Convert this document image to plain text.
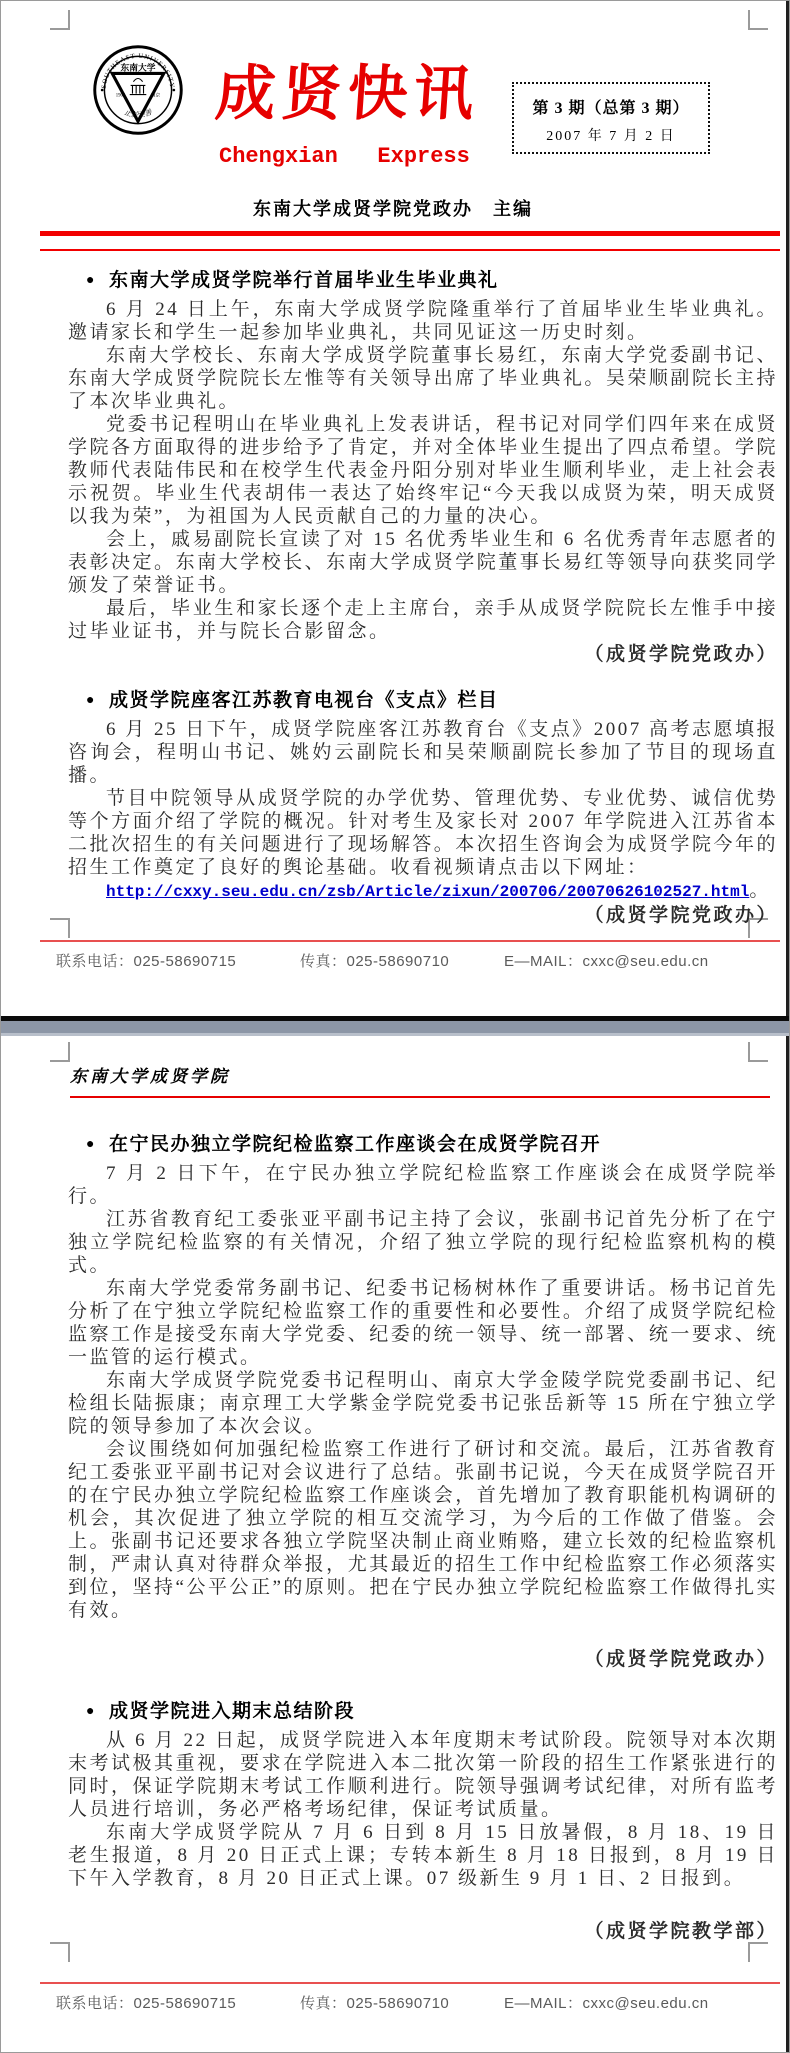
SOUTHEAST UNIVERSITY
东南大学
1902	南京
止於至善 成贤快讯
Chengxian   Express
第 3 期（总第 3 期）
2007 年 7 月 2 日
东南大学成贤学院党政办　主编
● 东南大学成贤学院举行首届毕业生毕业典礼

6 月 24 日上午，东南大学成贤学院隆重举行了首届毕业生毕业典礼。邀请家长和学生一起参加毕业典礼，共同见证这一历史时刻。

东南大学校长、东南大学成贤学院董事长易红，东南大学党委副书记、东南大学成贤学院院长左惟等有关领导出席了毕业典礼。吴荣顺副院长主持了本次毕业典礼。

党委书记程明山在毕业典礼上发表讲话，程书记对同学们四年来在成贤学院各方面取得的进步给予了肯定，并对全体毕业生提出了四点希望。学院教师代表陆伟民和在校学生代表金丹阳分别对毕业生顺利毕业，走上社会表示祝贺。毕业生代表胡伟一表达了始终牢记“今天我以成贤为荣，明天成贤以我为荣”，为祖国为人民贡献自己的力量的决心。

会上，戚易副院长宣读了对 15 名优秀毕业生和 6 名优秀青年志愿者的表彰决定。东南大学校长、东南大学成贤学院董事长易红等领导向获奖同学颁发了荣誉证书。

最后，毕业生和家长逐个走上主席台，亲手从成贤学院院长左惟手中接过毕业证书，并与院长合影留念。

（成贤学院党政办）

● 成贤学院座客江苏教育电视台《支点》栏目

6 月 25 日下午，成贤学院座客江苏教育台《支点》2007 高考志愿填报咨询会，程明山书记、姚妁云副院长和吴荣顺副院长参加了节目的现场直播。

节目中院领导从成贤学院的办学优势、管理优势、专业优势、诚信优势等个方面介绍了学院的概况。针对考生及家长对 2007 年学院进入江苏省本二批次招生的有关问题进行了现场解答。本次招生咨询会为成贤学院今年的招生工作奠定了良好的舆论基础。收看视频请点击以下网址：

http://cxxy.seu.edu.cn/zsb/Article/zixun/200706/20070626102527.html。

（成贤学院党政办）

联系电话：025-58690715	传真：025-58690710	E—MAIL：cxxc@seu.edu.cn
东南大学成贤学院
● 在宁民办独立学院纪检监察工作座谈会在成贤学院召开

7 月 2 日下午，在宁民办独立学院纪检监察工作座谈会在成贤学院举行。

江苏省教育纪工委张亚平副书记主持了会议，张副书记首先分析了在宁独立学院纪检监察的有关情况，介绍了独立学院的现行纪检监察机构的模式。

东南大学党委常务副书记、纪委书记杨树林作了重要讲话。杨书记首先分析了在宁独立学院纪检监察工作的重要性和必要性。介绍了成贤学院纪检监察工作是接受东南大学党委、纪委的统一领导、统一部署、统一要求、统一监管的运行模式。

东南大学成贤学院党委书记程明山、南京大学金陵学院党委副书记、纪检组长陆振康；南京理工大学紫金学院党委书记张岳新等 15 所在宁独立学院的领导参加了本次会议。

会议围绕如何加强纪检监察工作进行了研讨和交流。最后，江苏省教育纪工委张亚平副书记对会议进行了总结。张副书记说，今天在成贤学院召开的在宁民办独立学院纪检监察工作座谈会，首先增加了教育职能机构调研的机会，其次促进了独立学院的相互交流学习，为今后的工作做了借鉴。会上。张副书记还要求各独立学院坚决制止商业贿赂，建立长效的纪检监察机制，严肃认真对待群众举报，尤其最近的招生工作中纪检监察工作必须落实到位，坚持“公平公正”的原则。把在宁民办独立学院纪检监察工作做得扎实有效。

（成贤学院党政办）

● 成贤学院进入期末总结阶段

从 6 月 22 日起，成贤学院进入本年度期末考试阶段。院领导对本次期末考试极其重视，要求在学院进入本二批次第一阶段的招生工作紧张进行的同时，保证学院期末考试工作顺利进行。院领导强调考试纪律，对所有监考人员进行培训，务必严格考场纪律，保证考试质量。

东南大学成贤学院从 7 月 6 日到 8 月 15 日放暑假，8 月 18、19 日老生报道，8 月 20 日正式上课；专转本新生 8 月 18 日报到，8 月 19 日下午入学教育，8 月 20 日正式上课。07 级新生 9 月 1 日、2 日报到。

（成贤学院教学部）

联系电话：025-58690715	传真：025-58690710	E—MAIL：cxxc@seu.edu.cn
